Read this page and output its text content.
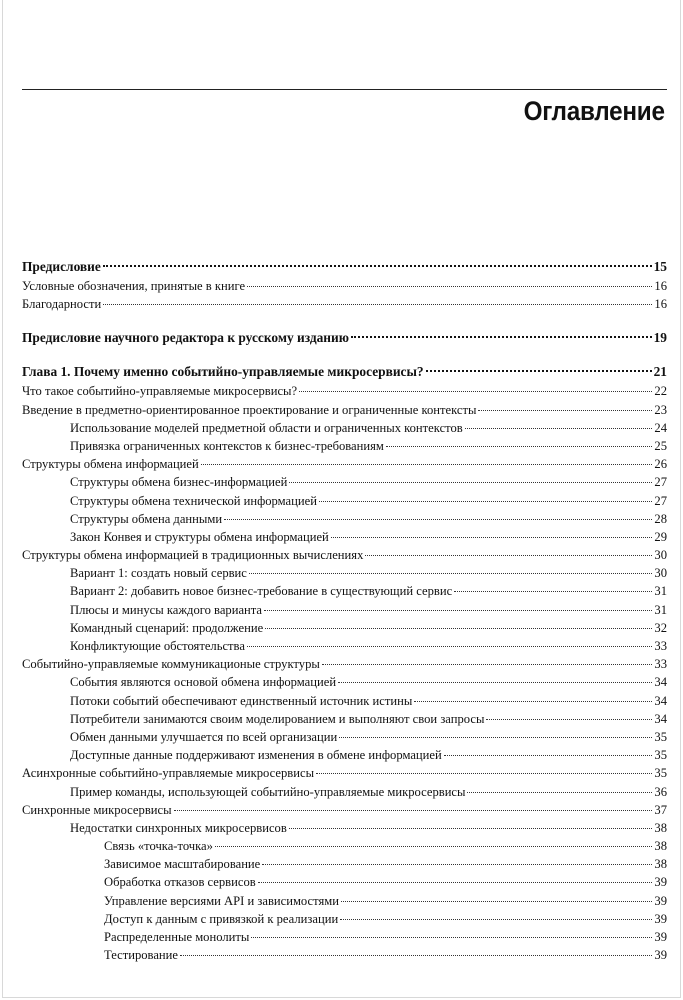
Оглавление
Предисловие	15
Условные обозначения, принятые в книге	16
Благодарности	16
Предисловие научного редактора к русскому изданию	19
Глава 1. Почему именно событийно-управляемые микросервисы?	21
Что такое событийно-управляемые микросервисы?	22
Введение в предметно-ориентированное проектирование и ограниченные контексты	23
Использование моделей предметной области и ограниченных контекстов	24
Привязка ограниченных контекстов к бизнес-требованиям	25
Структуры обмена информацией	26
Структуры обмена бизнес-информацией	27
Структуры обмена технической информацией	27
Структуры обмена данными	28
Закон Конвея и структуры обмена информацией	29
Структуры обмена информацией в традиционных вычислениях	30
Вариант 1: создать новый сервис	30
Вариант 2: добавить новое бизнес-требование в существующий сервис	31
Плюсы и минусы каждого варианта	31
Командный сценарий: продолжение	32
Конфликтующие обстоятельства	33
Событийно-управляемые коммуникационые структуры	33
События являются основой обмена информацией	34
Потоки событий обеспечивают единственный источник истины	34
Потребители занимаются своим моделированием и выполняют свои запросы	34
Обмен данными улучшается по всей организации	35
Доступные данные поддерживают изменения в обмене информацией	35
Асинхронные событийно-управляемые микросервисы	35
Пример команды, использующей событийно-управляемые микросервисы	36
Синхронные микросервисы	37
Недостатки синхронных микросервисов	38
Связь «точка-точка»	38
Зависимое масштабирование	38
Обработка отказов сервисов	39
Управление версиями API и зависимостями	39
Доступ к данным с привязкой к реализации	39
Распределенные монолиты	39
Тестирование	39
